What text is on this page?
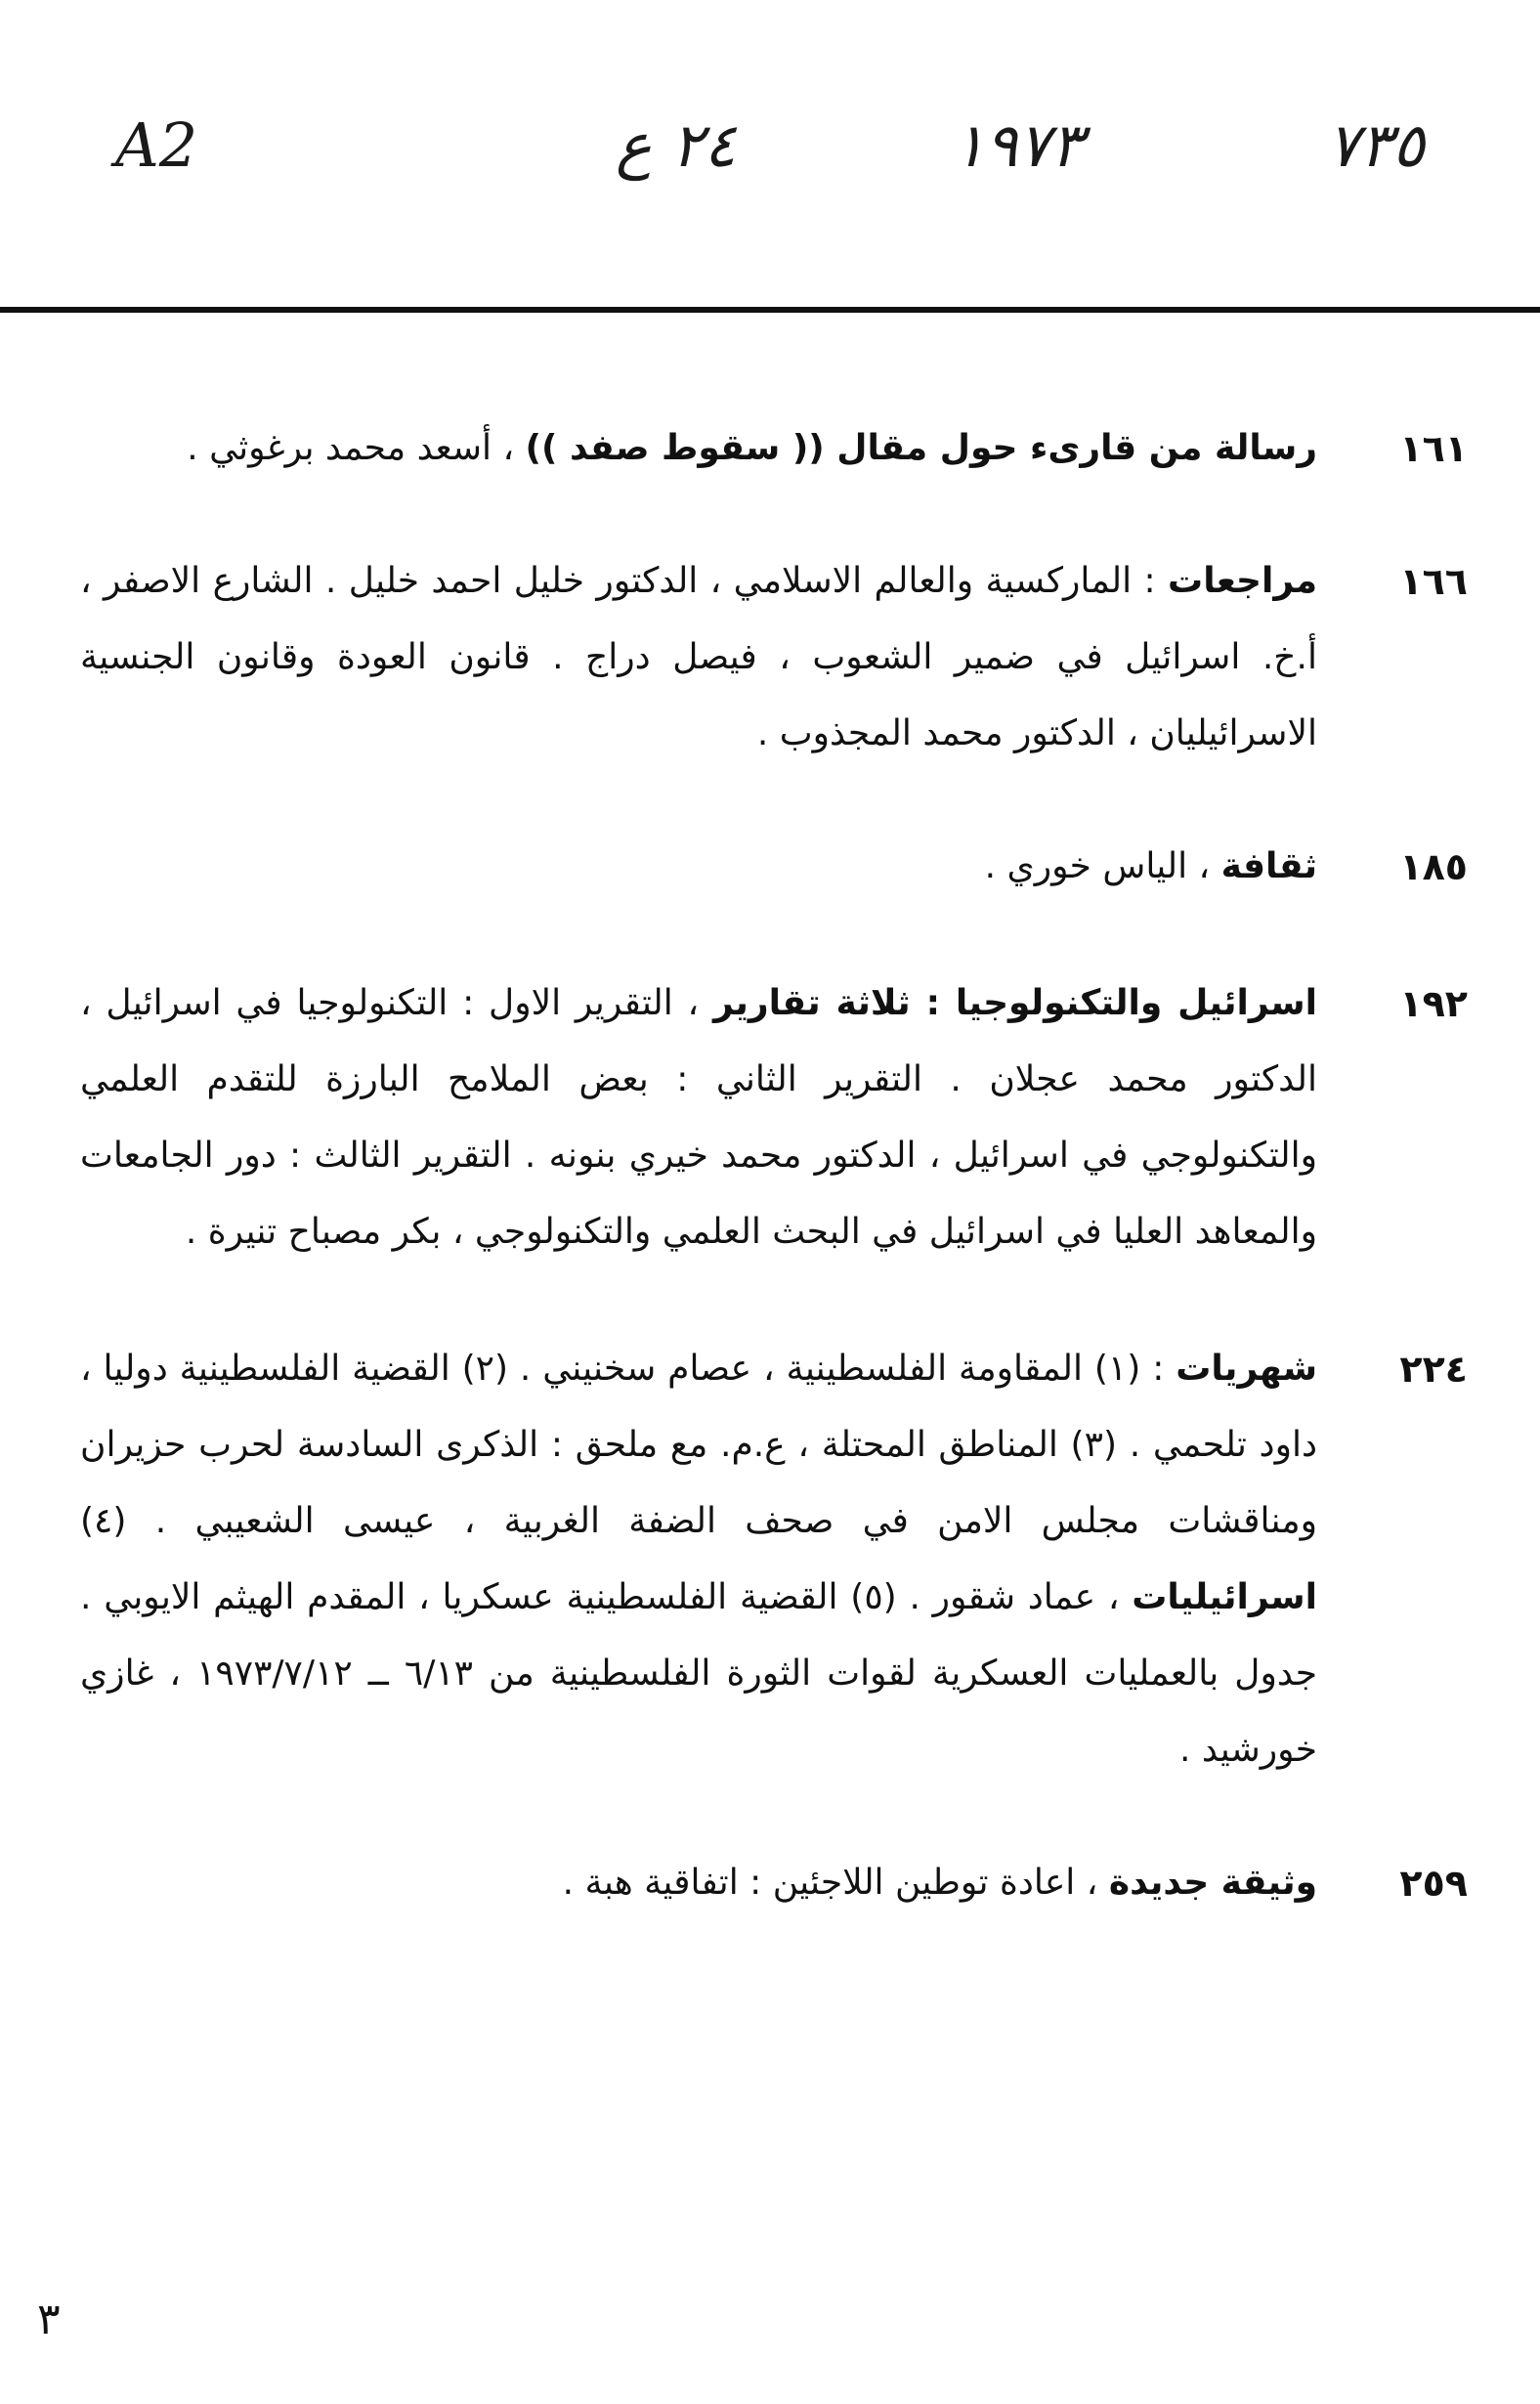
A2	٢٤ ع	١٩٧٣	٧٣٥
١٦١
رسالة من قارىء حول مقال (( سقوط صفد )) ، أسعد محمد برغوثي .
١٦٦
مراجعات : الماركسية والعالم الاسلامي ، الدكتور خليل احمد خليل . الشارع الاصفر ، أ.خ. اسرائيل في ضمير الشعوب ، فيصل دراج . قانون العودة وقانون الجنسية الاسرائيليان ، الدكتور محمد المجذوب .
١٨٥
ثقافة ، الياس خوري .
١٩٢
اسرائيل والتكنولوجيا : ثلاثة تقارير ، التقرير الاول : التكنولوجيا في اسرائيل ، الدكتور محمد عجلان . التقرير الثاني : بعض الملامح البارزة للتقدم العلمي والتكنولوجي في اسرائيل ، الدكتور محمد خيري بنونه . التقرير الثالث : دور الجامعات والمعاهد العليا في اسرائيل في البحث العلمي والتكنولوجي ، بكر مصباح تنيرة .
٢٢٤
شهريات : (١) المقاومة الفلسطينية ، عصام سخنيني . (٢) القضية الفلسطينية دوليا ، داود تلحمي . (٣) المناطق المحتلة ، ع.م. مع ملحق : الذكرى السادسة لحرب حزيران ومناقشات مجلس الامن في صحف الضفة الغربية ، عيسى الشعيبي . (٤) اسرائيليات ، عماد شقور . (٥) القضية الفلسطينية عسكريا ، المقدم الهيثم الايوبي . جدول بالعمليات العسكرية لقوات الثورة الفلسطينية من ٦/١٣ ــ ١٩٧٣/٧/١٢ ، غازي خورشيد .
٢٥٩
وثيقة جديدة ، اعادة توطين اللاجئين : اتفاقية هبة .
٣
